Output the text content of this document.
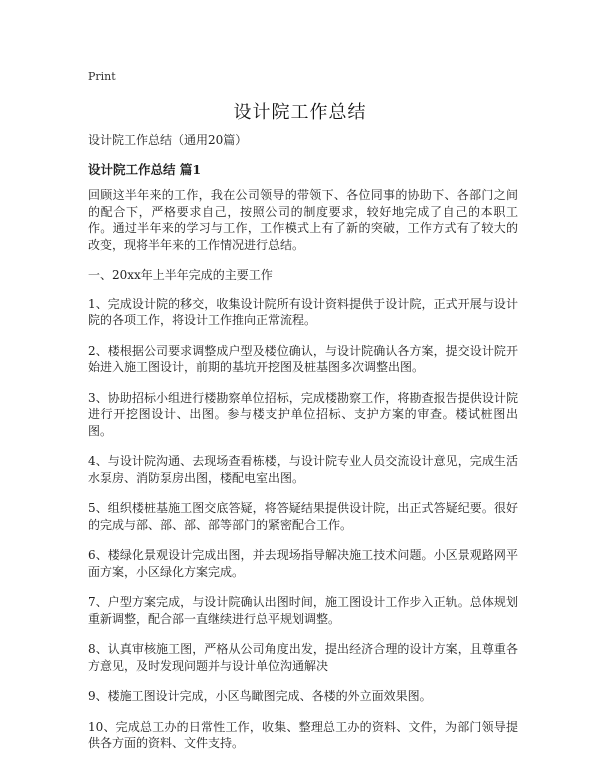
Print
设计院工作总结
设计院工作总结（通用20篇）
设计院工作总结 篇1

回顾这半年来的工作，我在公司领导的带领下、各位同事的协助下、各部门之间的配合下，严格要求自己，按照公司的制度要求，较好地完成了自己的本职工作。通过半年来的学习与工作，工作模式上有了新的突破，工作方式有了较大的改变，现将半年来的工作情况进行总结。

一、20xx年上半年完成的主要工作

1、完成设计院的移交，收集设计院所有设计资料提供于设计院，正式开展与设计院的各项工作，将设计工作推向正常流程。

2、楼根据公司要求调整成户型及楼位确认，与设计院确认各方案，提交设计院开始进入施工图设计，前期的基坑开挖图及桩基图多次调整出图。

3、协助招标小组进行楼勘察单位招标，完成楼勘察工作，将勘查报告提供设计院进行开挖图设计、出图。参与楼支护单位招标、支护方案的审查。楼试桩图出图。

4、与设计院沟通、去现场查看栋楼，与设计院专业人员交流设计意见，完成生活水泵房、消防泵房出图，楼配电室出图。

5、组织楼桩基施工图交底答疑，将答疑结果提供设计院，出正式答疑纪要。很好的完成与部、部、部、部等部门的紧密配合工作。

6、楼绿化景观设计完成出图，并去现场指导解决施工技术问题。小区景观路网平面方案，小区绿化方案完成。

7、户型方案完成，与设计院确认出图时间，施工图设计工作步入正轨。总体规划重新调整，配合部一直继续进行总平规划调整。

8、认真审核施工图，严格从公司角度出发，提出经济合理的设计方案，且尊重各方意见，及时发现问题并与设计单位沟通解决

9、楼施工图设计完成，小区鸟瞰图完成、各楼的外立面效果图。

10、完成总工办的日常性工作，收集、整理总工办的资料、文件，为部门领导提供各方面的资料、文件支持。
